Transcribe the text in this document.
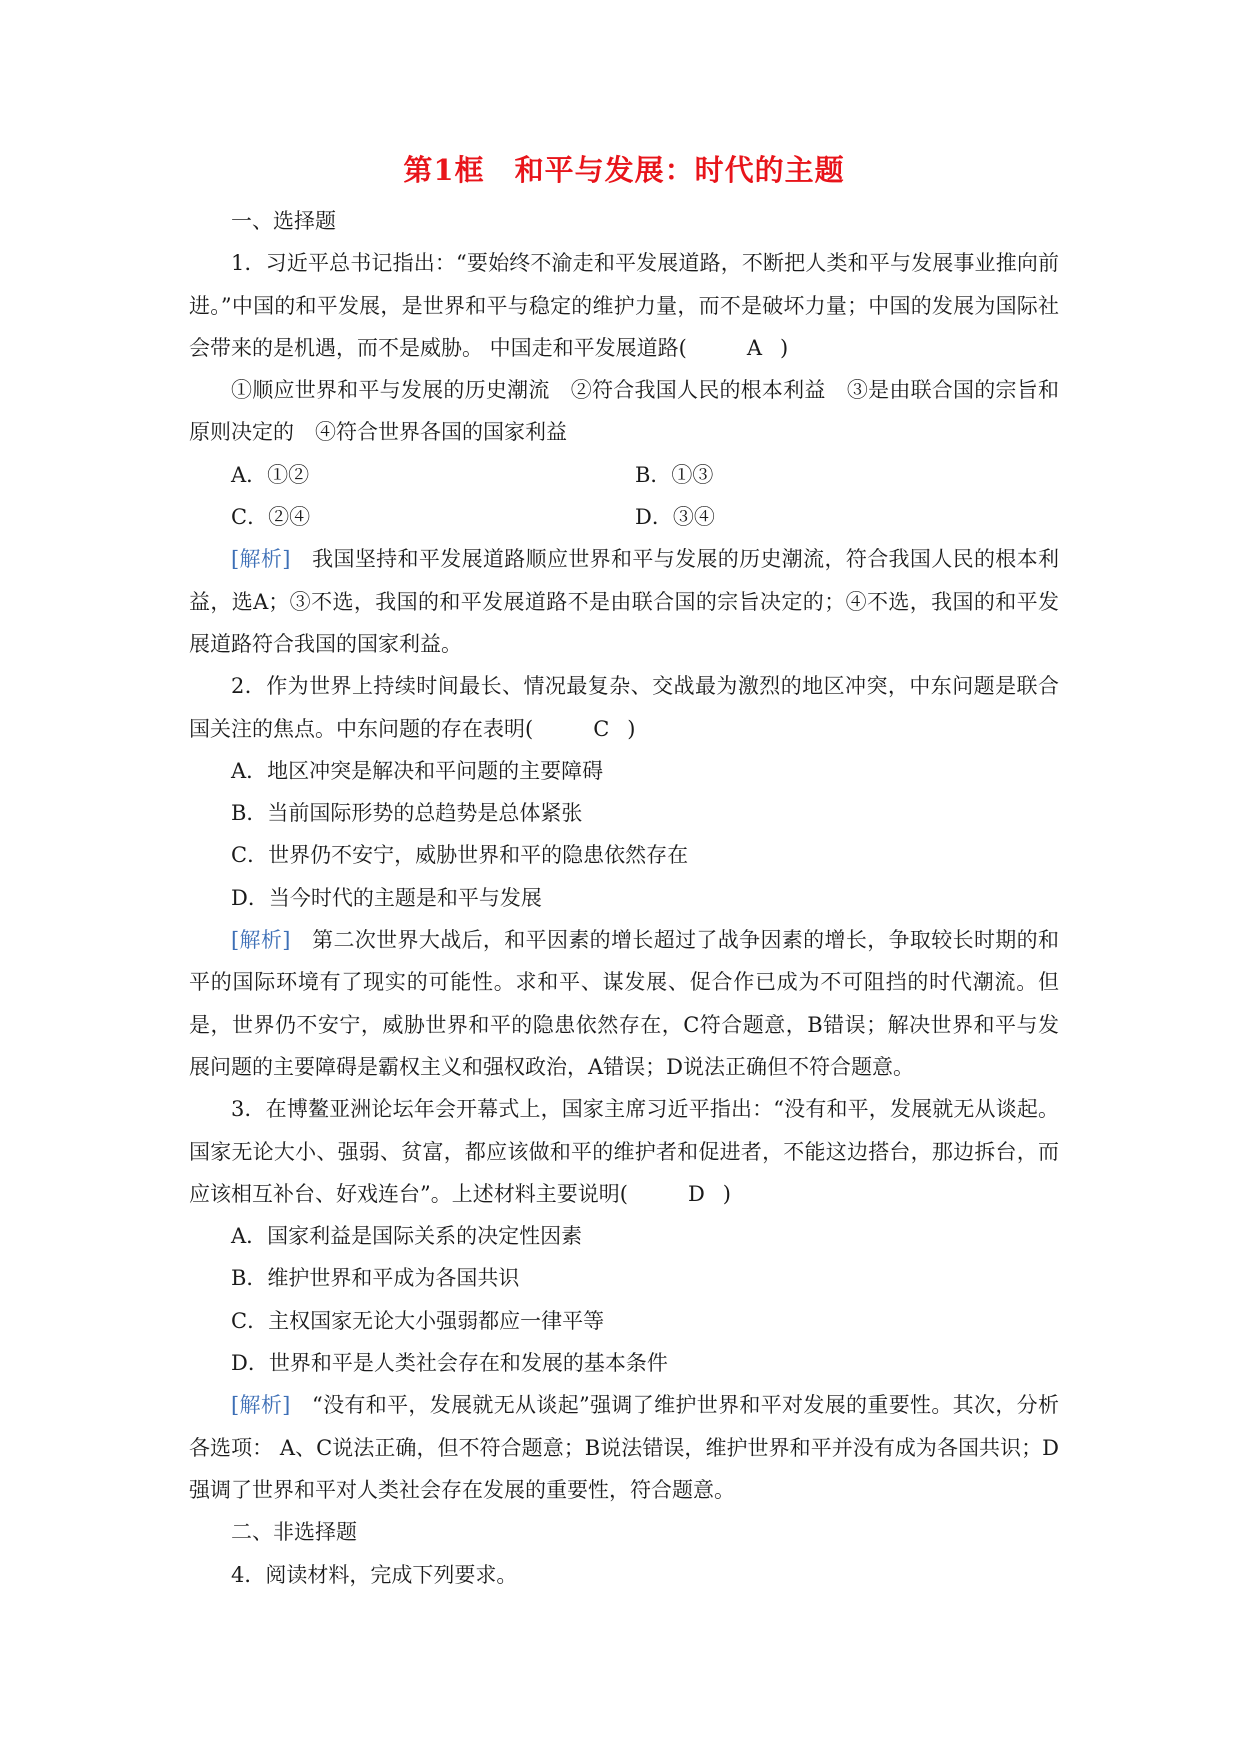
第1框　和平与发展：时代的主题

一、选择题

1．习近平总书记指出：“要始终不渝走和平发展道路，不断把人类和平与发展事业推向前进。”中国的和平发展，是世界和平与稳定的维护力量，而不是破坏力量；中国的发展为国际社会带来的是机遇，而不是威胁。 中国走和平发展道路(	A )

①顺应世界和平与发展的历史潮流　②符合我国人民的根本利益　③是由联合国的宗旨和原则决定的　④符合世界各国的国家利益

A．①②	B．①③
C．②④	D．③④

[解析]　我国坚持和平发展道路顺应世界和平与发展的历史潮流，符合我国人民的根本利益，选A；③不选，我国的和平发展道路不是由联合国的宗旨决定的；④不选，我国的和平发展道路符合我国的国家利益。

2．作为世界上持续时间最长、情况最复杂、交战最为激烈的地区冲突，中东问题是联合国关注的焦点。中东问题的存在表明(	C )

A．地区冲突是解决和平问题的主要障碍

B．当前国际形势的总趋势是总体紧张

C．世界仍不安宁，威胁世界和平的隐患依然存在

D．当今时代的主题是和平与发展

[解析]　第二次世界大战后，和平因素的增长超过了战争因素的增长，争取较长时期的和平的国际环境有了现实的可能性。求和平、谋发展、促合作已成为不可阻挡的时代潮流。但是，世界仍不安宁，威胁世界和平的隐患依然存在，C符合题意，B错误；解决世界和平与发展问题的主要障碍是霸权主义和强权政治，A错误；D说法正确但不符合题意。

3．在博鳌亚洲论坛年会开幕式上，国家主席习近平指出：“没有和平，发展就无从谈起。国家无论大小、强弱、贫富，都应该做和平的维护者和促进者，不能这边搭台，那边拆台，而应该相互补台、好戏连台”。上述材料主要说明(	D )

A．国家利益是国际关系的决定性因素

B．维护世界和平成为各国共识

C．主权国家无论大小强弱都应一律平等

D．世界和平是人类社会存在和发展的基本条件

[解析]　“没有和平，发展就无从谈起”强调了维护世界和平对发展的重要性。其次，分析各选项： A、C说法正确，但不符合题意；B说法错误，维护世界和平并没有成为各国共识；D强调了世界和平对人类社会存在发展的重要性，符合题意。

二、非选择题

4．阅读材料，完成下列要求。
